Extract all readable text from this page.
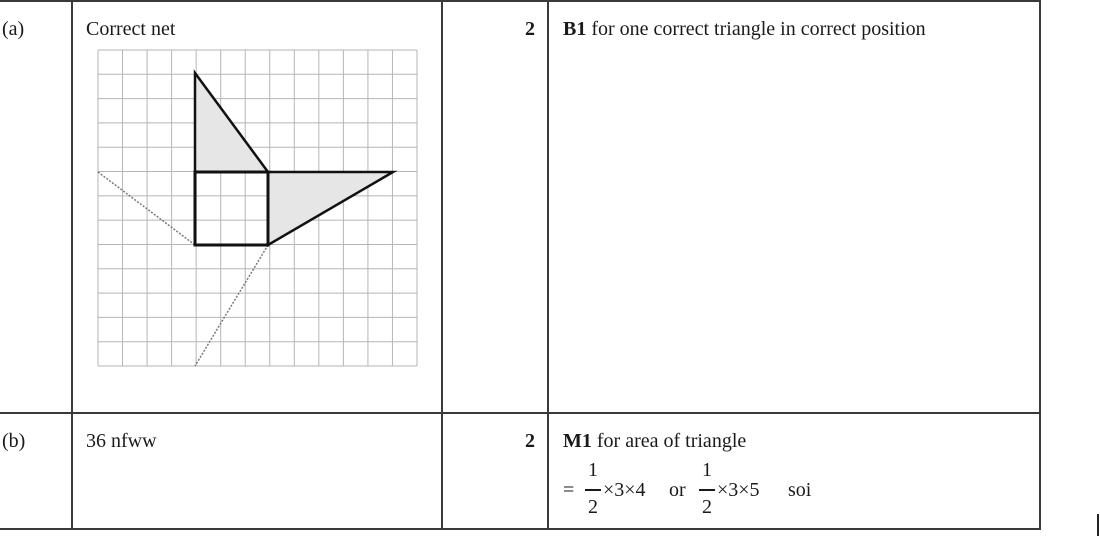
(a)	Correct net	2 B1 for one correct triangle in correct position
(b)	36 nfww	2 M1 for area of triangle
=
1
2
×3×4 or
1
2
×3×5 soi
